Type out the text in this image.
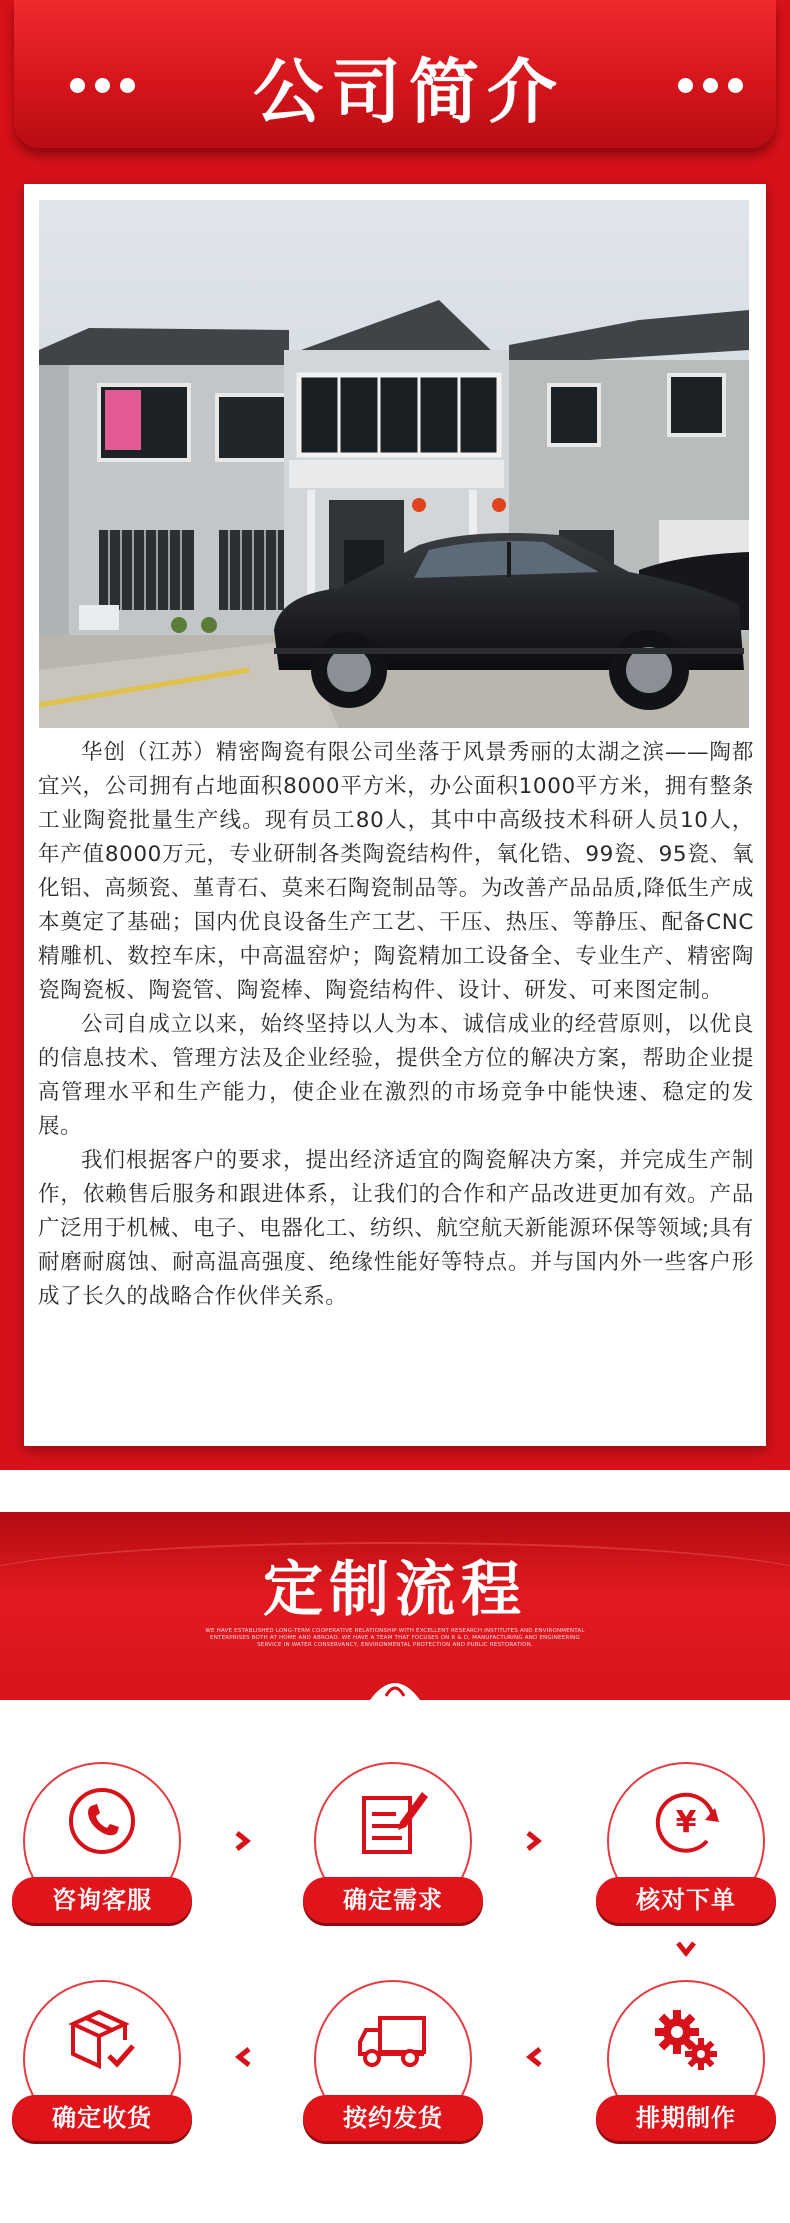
公司简介

华创（江苏）精密陶瓷有限公司坐落于风景秀丽的太湖之滨——陶都宜兴，公司拥有占地面积8000平方米，办公面积1000平方米，拥有整条工业陶瓷批量生产线。现有员工80人，其中中高级技术科研人员10人，年产值8000万元，专业研制各类陶瓷结构件，氧化锆、99瓷、95瓷、氧化铝、高频瓷、堇青石、莫来石陶瓷制品等。为改善产品品质,降低生产成本奠定了基础；国内优良设备生产工艺、干压、热压、等静压、配备CNC精雕机、数控车床，中高温窑炉；陶瓷精加工设备全、专业生产、精密陶瓷陶瓷板、陶瓷管、陶瓷棒、陶瓷结构件、设计、研发、可来图定制。

公司自成立以来，始终坚持以人为本、诚信成业的经营原则，以优良的信息技术、管理方法及企业经验，提供全方位的解决方案，帮助企业提高管理水平和生产能力，使企业在激烈的市场竞争中能快速、稳定的发展。

我们根据客户的要求，提出经济适宜的陶瓷解决方案，并完成生产制作，依赖售后服务和跟进体系，让我们的合作和产品改进更加有效。产品广泛用于机械、电子、电器化工、纺织、航空航天新能源环保等领域;具有耐磨耐腐蚀、耐高温高强度、绝缘性能好等特点。并与国内外一些客户形成了长久的战略合作伙伴关系。

定制流程
WE HAVE ESTABLISHED LONG-TERM COOPERATIVE RELATIONSHIP WITH EXCELLENT RESEARCH INSTITUTES AND ENVIRONMENTAL ENTERPRISES BOTH AT HOME AND ABROAD. WE HAVE A TEAM THAT FOCUSES ON R & D, MANUFACTURING AND ENGINEERING SERVICE IN WATER CONSERVANCY, ENVIRONMENTAL PROTECTION AND PUBLIC RESTORATION.
咨询客服	确定需求
¥
核对下单
排期制作
按约发货
确定收货
